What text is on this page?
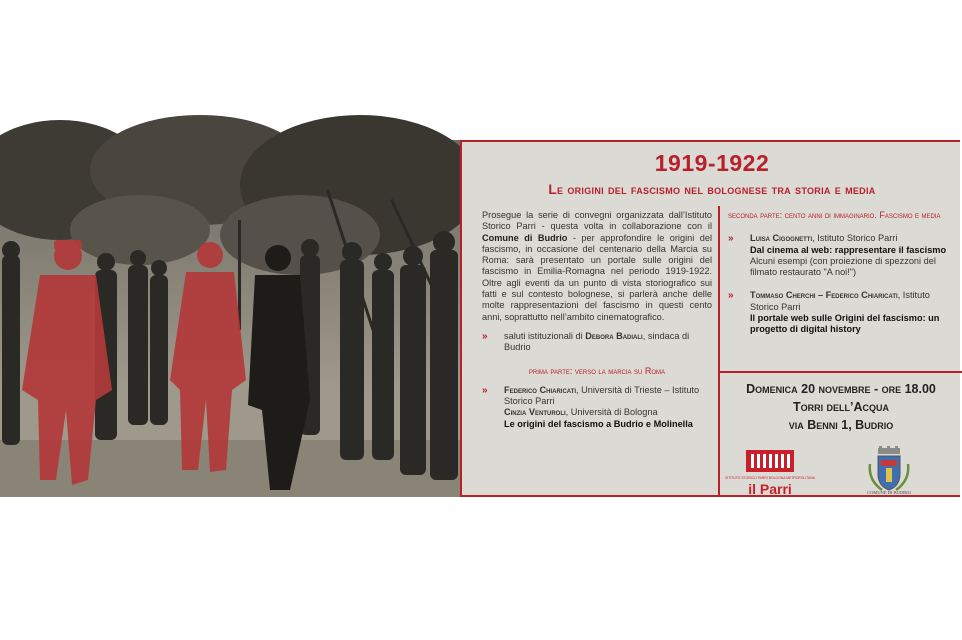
1919-1922
Le origini del fascismo nel bolognese tra storia e media

Prosegue la serie di convegni organizzata dall’Istituto Storico Parri - questa volta in collaborazione con il Comune di Budrio - per approfondire le origini del fascismo, in occasione del centenario della Marcia su Roma: sarà presentato un portale sulle origini del fascismo in Emilia-Romagna nel periodo 1919-1922. Oltre agli eventi da un punto di vista storiografico sui fatti e sul contesto bolognese, si parlerà anche delle molte rappresentazioni del fascismo in questi cento anni, soprattutto nell’ambito cinematografico.

»	saluti istituzionali di Debora Badiali, sindaca di Budrio
prima parte: verso la marcia su Roma
»	Federico Chiaricati, Università di Trieste – Istituto Storico Parri
Cinzia Venturoli, Università di Bologna
Le origini del fascismo a Budrio e Molinella
seconda parte: cento anni di immaginario. Fascismo e media
»	Luisa Cigognetti, Istituto Storico Parri
Dal cinema al web: rappresentare il fascismo
Alcuni esempi (con proiezione di spezzoni del filmato restaurato "A noi!")
»	Tommaso Cherchi – Federico Chiaricati, Istituto Storico Parri
Il portale web sulle Origini del fascismo: un progetto di digital history
Domenica 20 novembre - ore 18.00
Torri dell’Acqua
via Benni 1, Budrio
ISTITUTO STORICO PARRI BOLOGNA METROPOLITANA
il Parri	COMUNE DI BUDRIO
